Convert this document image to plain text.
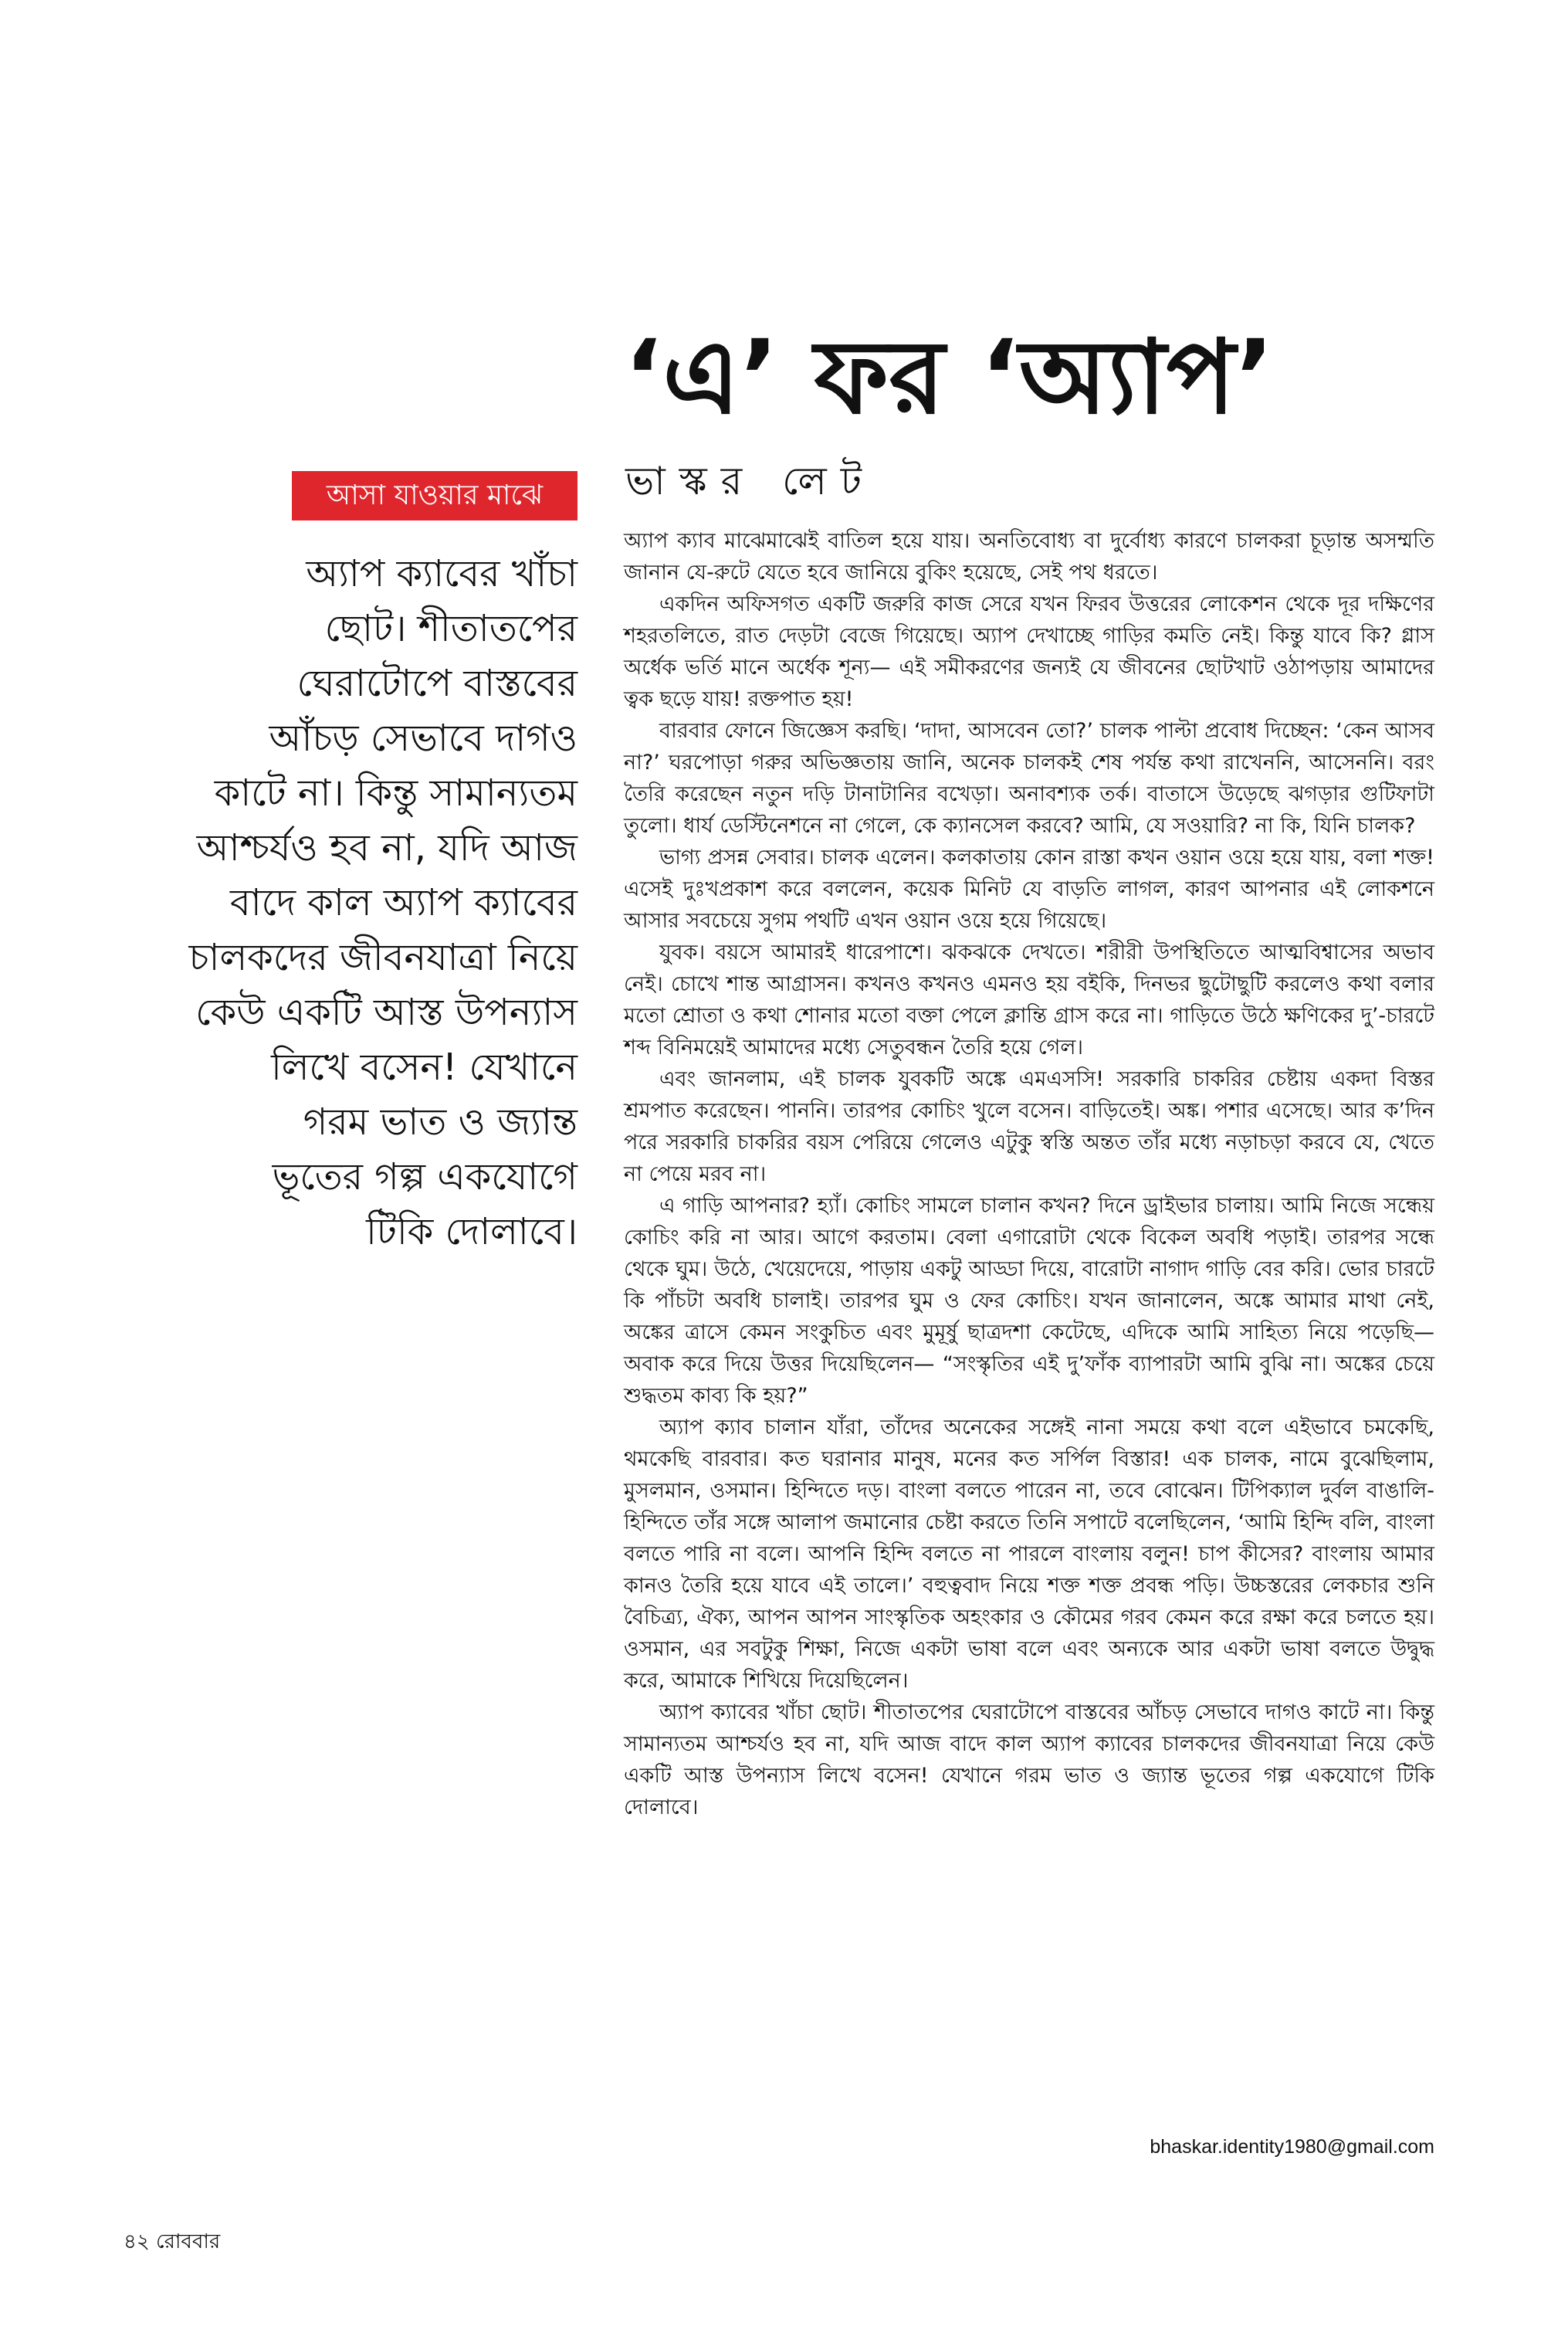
‘এ’ ফর ‘অ্যাপ’
ভাস্কর লেট
আসা যাওয়ার মাঝে
অ্যাপ ক্যাবের খাঁচা
ছোট। শীতাতপের
ঘেরাটোপে বাস্তবের
আঁচড় সেভাবে দাগও
কাটে না। কিন্তু সামান্যতম
আশ্চর্যও হব না, যদি আজ
বাদে কাল অ্যাপ ক্যাবের
চালকদের জীবনযাত্রা নিয়ে
কেউ একটি আস্ত উপন্যাস
লিখে বসেন! যেখানে
গরম ভাত ও জ্যান্ত
ভূতের গল্প একযোগে
টিকি দোলাবে।

অ্যাপ ক্যাব মাঝেমাঝেই বাতিল হয়ে যায়। অনতিবোধ্য বা দুর্বোধ্য কারণে চালকরা চূড়ান্ত অসম্মতি জানান যে-রুটে যেতে হবে জানিয়ে বুকিং হয়েছে, সেই পথ ধরতে।

একদিন অফিসগত একটি জরুরি কাজ সেরে যখন ফিরব উত্তরের লোকেশন থেকে দূর দক্ষিণের শহরতলিতে, রাত দেড়টা বেজে গিয়েছে। অ্যাপ দেখাচ্ছে গাড়ির কমতি নেই। কিন্তু যাবে কি? গ্লাস অর্ধেক ভর্তি মানে অর্ধেক শূন্য— এই সমীকরণের জন্যই যে জীবনের ছোটখাট ওঠাপড়ায় আমাদের ত্বক ছড়ে যায়! রক্তপাত হয়!

বারবার ফোনে জিজ্ঞেস করছি। ‘দাদা, আসবেন তো?’ চালক পাল্টা প্রবোধ দিচ্ছেন: ‘কেন আসব না?’ ঘরপোড়া গরুর অভিজ্ঞতায় জানি, অনেক চালকই শেষ পর্যন্ত কথা রাখেননি, আসেননি। বরং তৈরি করেছেন নতুন দড়ি টানাটানির বখেড়া। অনাবশ্যক তর্ক। বাতাসে উড়েছে ঝগড়ার গুটিফাটা তুলো। ধার্য ডেস্টিনেশনে না গেলে, কে ক্যানসেল করবে? আমি, যে সওয়ারি? না কি, যিনি চালক?

ভাগ্য প্রসন্ন সেবার। চালক এলেন। কলকাতায় কোন রাস্তা কখন ওয়ান ওয়ে হয়ে যায়, বলা শক্ত! এসেই দুঃখপ্রকাশ করে বললেন, কয়েক মিনিট যে বাড়তি লাগল, কারণ আপনার এই লোকশনে আসার সবচেয়ে সুগম পথটি এখন ওয়ান ওয়ে হয়ে গিয়েছে।

যুবক। বয়সে আমারই ধারেপাশে। ঝকঝকে দেখতে। শরীরী উপস্থিতিতে আত্মবিশ্বাসের অভাব নেই। চোখে শান্ত আগ্রাসন। কখনও কখনও এমনও হয় বইকি, দিনভর ছুটোছুটি করলেও কথা বলার মতো শ্রোতা ও কথা শোনার মতো বক্তা পেলে ক্লান্তি গ্রাস করে না। গাড়িতে উঠে ক্ষণিকের দু’-চারটে শব্দ বিনিময়েই আমাদের মধ্যে সেতুবন্ধন তৈরি হয়ে গেল।

এবং জানলাম, এই চালক যুবকটি অঙ্কে এমএসসি! সরকারি চাকরির চেষ্টায় একদা বিস্তর শ্রমপাত করেছেন। পাননি। তারপর কোচিং খুলে বসেন। বাড়িতেই। অঙ্ক। পশার এসেছে। আর ক’দিন পরে সরকারি চাকরির বয়স পেরিয়ে গেলেও এটুকু স্বস্তি অন্তত তাঁর মধ্যে নড়াচড়া করবে যে, খেতে না পেয়ে মরব না।

এ গাড়ি আপনার? হ্যাঁ। কোচিং সামলে চালান কখন? দিনে ড্রাইভার চালায়। আমি নিজে সন্ধেয় কোচিং করি না আর। আগে করতাম। বেলা এগারোটা থেকে বিকেল অবধি পড়াই। তারপর সন্ধে থেকে ঘুম। উঠে, খেয়েদেয়ে, পাড়ায় একটু আড্ডা দিয়ে, বারোটা নাগাদ গাড়ি বের করি। ভোর চারটে কি পাঁচটা অবধি চালাই। তারপর ঘুম ও ফের কোচিং। যখন জানালেন, অঙ্কে আমার মাথা নেই, অঙ্কের ত্রাসে কেমন সংকুচিত এবং মুমূর্ষু ছাত্রদশা কেটেছে, এদিকে আমি সাহিত্য নিয়ে পড়েছি— অবাক করে দিয়ে উত্তর দিয়েছিলেন— “সংস্কৃতির এই দু’ফাঁক ব্যাপারটা আমি বুঝি না। অঙ্কের চেয়ে শুদ্ধতম কাব্য কি হয়?”

অ্যাপ ক্যাব চালান যাঁরা, তাঁদের অনেকের সঙ্গেই নানা সময়ে কথা বলে এইভাবে চমকেছি, থমকেছি বারবার। কত ঘরানার মানুষ, মনের কত সর্পিল বিস্তার! এক চালক, নামে বুঝেছিলাম, মুসলমান, ওসমান। হিন্দিতে দড়। বাংলা বলতে পারেন না, তবে বোঝেন। টিপিক্যাল দুর্বল বাঙালি-হিন্দিতে তাঁর সঙ্গে আলাপ জমানোর চেষ্টা করতে তিনি সপাটে বলেছিলেন, ‘আমি হিন্দি বলি, বাংলা বলতে পারি না বলে। আপনি হিন্দি বলতে না পারলে বাংলায় বলুন! চাপ কীসের? বাংলায় আমার কানও তৈরি হয়ে যাবে এই তালে।’ বহুত্ববাদ নিয়ে শক্ত শক্ত প্রবন্ধ পড়ি। উচ্চস্তরের লেকচার শুনি বৈচিত্র্য, ঐক্য, আপন আপন সাংস্কৃতিক অহংকার ও কৌমের গরব কেমন করে রক্ষা করে চলতে হয়। ওসমান, এর সবটুকু শিক্ষা, নিজে একটা ভাষা বলে এবং অন্যকে আর একটা ভাষা বলতে উদ্বুদ্ধ করে, আমাকে শিখিয়ে দিয়েছিলেন।

অ্যাপ ক্যাবের খাঁচা ছোট। শীতাতপের ঘেরাটোপে বাস্তবের আঁচড় সেভাবে দাগও কাটে না। কিন্তু সামান্যতম আশ্চর্যও হব না, যদি আজ বাদে কাল অ্যাপ ক্যাবের চালকদের জীবনযাত্রা নিয়ে কেউ একটি আস্ত উপন্যাস লিখে বসেন! যেখানে গরম ভাত ও জ্যান্ত ভূতের গল্প একযোগে টিকি দোলাবে।

bhaskar.identity1980@gmail.com
৪২ রোববার
